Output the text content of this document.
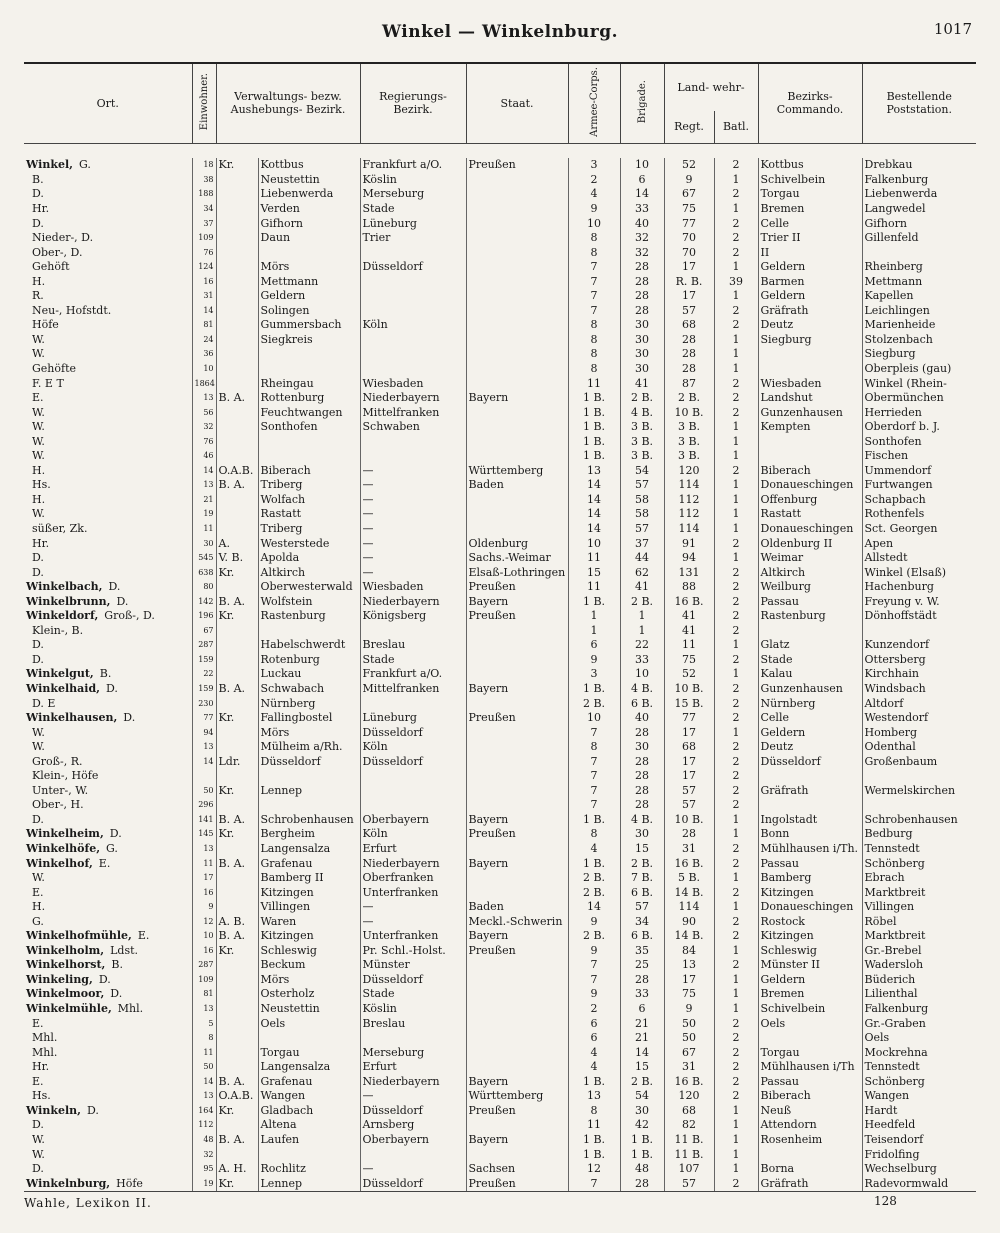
Winkel — Winkelnburg.	1017
Ort.	Einwohner.	Verwaltungs- bezw. Aushebungs- Bezirk.		Regierungs- Bezirk.	Staat.	Armee-Corps.	Brigade.	Land- wehr-		Bezirks- Commando.	Bestellende Poststation.
								Regt.	Batl.		

Winkel, G.	18	Kr.	Kottbus	Frankfurt a/O.	Preußen	3	10	52	2	Kottbus	Drebkau
B.	38		Neustettin	Köslin		2	6	9	1	Schivelbein	Falkenburg
D.	188		Liebenwerda	Merseburg		4	14	67	2	Torgau	Liebenwerda
Hr.	34		Verden	Stade		9	33	75	1	Bremen	Langwedel
D.	37		Gifhorn	Lüneburg		10	40	77	2	Celle	Gifhorn
Nieder-, D.	109		Daun	Trier		8	32	70	2	Trier II	Gillenfeld
Ober-, D.	76					8	32	70	2	II	
Gehöft	124		Mörs	Düsseldorf		7	28	17	1	Geldern	Rheinberg
H.	16		Mettmann			7	28	R. B.	39	Barmen	Mettmann
R.	31		Geldern			7	28	17	1	Geldern	Kapellen
Neu-, Hofstdt.	14		Solingen			7	28	57	2	Gräfrath	Leichlingen
Höfe	81		Gummersbach	Köln		8	30	68	2	Deutz	Marienheide
W.	24		Siegkreis			8	30	28	1	Siegburg	Stolzenbach
W.	36					8	30	28	1		Siegburg
Gehöfte	10					8	30	28	1		Oberpleis (gau)
F. E T	1864		Rheingau	Wiesbaden		11	41	87	2	Wiesbaden	Winkel (Rhein-
E.	13	B. A.	Rottenburg	Niederbayern	Bayern	1 B.	2 B.	2 B.	2	Landshut	Obermünchen
W.	56		Feuchtwangen	Mittelfranken		1 B.	4 B.	10 B.	2	Gunzenhausen	Herrieden
W.	32		Sonthofen	Schwaben		1 B.	3 B.	3 B.	1	Kempten	Oberdorf b. J.
W.	76					1 B.	3 B.	3 B.	1		Sonthofen
W.	46					1 B.	3 B.	3 B.	1		Fischen
H.	14	O.A.B.	Biberach	—	Württemberg	13	54	120	2	Biberach	Ummendorf
Hs.	13	B. A.	Triberg	—	Baden	14	57	114	1	Donaueschingen	Furtwangen
H.	21		Wolfach	—		14	58	112	1	Offenburg	Schapbach
W.	19		Rastatt	—		14	58	112	1	Rastatt	Rothenfels
süßer, Zk.	11		Triberg	—		14	57	114	1	Donaueschingen	Sct. Georgen
Hr.	30	A.	Westerstede	—	Oldenburg	10	37	91	2	Oldenburg II	Apen
D.	545	V. B.	Apolda	—	Sachs.-Weimar	11	44	94	1	Weimar	Allstedt
D.	638	Kr.	Altkirch	—	Elsaß-Lothringen	15	62	131	2	Altkirch	Winkel (Elsaß)
Winkelbach, D.	80		Oberwesterwald	Wiesbaden	Preußen	11	41	88	2	Weilburg	Hachenburg
Winkelbrunn, D.	142	B. A.	Wolfstein	Niederbayern	Bayern	1 B.	2 B.	16 B.	2	Passau	Freyung v. W.
Winkeldorf, Groß-, D.	196	Kr.	Rastenburg	Königsberg	Preußen	1	1	41	2	Rastenburg	Dönhoffstädt
Klein-, B.	67					1	1	41	2		
D.	287		Habelschwerdt	Breslau		6	22	11	1	Glatz	Kunzendorf
D.	159		Rotenburg	Stade		9	33	75	2	Stade	Ottersberg
Winkelgut, B.	22		Luckau	Frankfurt a/O.		3	10	52	1	Kalau	Kirchhain
Winkelhaid, D.	159	B. A.	Schwabach	Mittelfranken	Bayern	1 B.	4 B.	10 B.	2	Gunzenhausen	Windsbach
D. E	230		Nürnberg			2 B.	6 B.	15 B.	2	Nürnberg	Altdorf
Winkelhausen, D.	77	Kr.	Fallingbostel	Lüneburg	Preußen	10	40	77	2	Celle	Westendorf
W.	94		Mörs	Düsseldorf		7	28	17	1	Geldern	Homberg
W.	13		Mülheim a/Rh.	Köln		8	30	68	2	Deutz	Odenthal
Groß-, R.	14	Ldr.	Düsseldorf	Düsseldorf		7	28	17	2	Düsseldorf	Großenbaum
Klein-, Höfe						7	28	17	2		
Unter-, W.	50	Kr.	Lennep			7	28	57	2	Gräfrath	Wermelskirchen
Ober-, H.	296					7	28	57	2		
D.	141	B. A.	Schrobenhausen	Oberbayern	Bayern	1 B.	4 B.	10 B.	1	Ingolstadt	Schrobenhausen
Winkelheim, D.	145	Kr.	Bergheim	Köln	Preußen	8	30	28	1	Bonn	Bedburg
Winkelhöfe, G.	13		Langensalza	Erfurt		4	15	31	2	Mühlhausen i/Th.	Tennstedt
Winkelhof, E.	11	B. A.	Grafenau	Niederbayern	Bayern	1 B.	2 B.	16 B.	2	Passau	Schönberg
W.	17		Bamberg II	Oberfranken		2 B.	7 B.	5 B.	1	Bamberg	Ebrach
E.	16		Kitzingen	Unterfranken		2 B.	6 B.	14 B.	2	Kitzingen	Marktbreit
H.	9		Villingen	—	Baden	14	57	114	1	Donaueschingen	Villingen
G.	12	A. B.	Waren	—	Meckl.-Schwerin	9	34	90	2	Rostock	Röbel
Winkelhofmühle, E.	10	B. A.	Kitzingen	Unterfranken	Bayern	2 B.	6 B.	14 B.	2	Kitzingen	Marktbreit
Winkelholm, Ldst.	16	Kr.	Schleswig	Pr. Schl.-Holst.	Preußen	9	35	84	1	Schleswig	Gr.-Brebel
Winkelhorst, B.	287		Beckum	Münster		7	25	13	2	Münster II	Wadersloh
Winkeling, D.	109		Mörs	Düsseldorf		7	28	17	1	Geldern	Büderich
Winkelmoor, D.	81		Osterholz	Stade		9	33	75	1	Bremen	Lilienthal
Winkelmühle, Mhl.	13		Neustettin	Köslin		2	6	9	1	Schivelbein	Falkenburg
E.	5		Oels	Breslau		6	21	50	2	Oels	Gr.-Graben
Mhl.	8					6	21	50	2		Oels
Mhl.	11		Torgau	Merseburg		4	14	67	2	Torgau	Mockrehna
Hr.	50		Langensalza	Erfurt		4	15	31	2	Mühlhausen i/Th	Tennstedt
E.	14	B. A.	Grafenau	Niederbayern	Bayern	1 B.	2 B.	16 B.	2	Passau	Schönberg
Hs.	13	O.A.B.	Wangen	—	Württemberg	13	54	120	2	Biberach	Wangen
Winkeln, D.	164	Kr.	Gladbach	Düsseldorf	Preußen	8	30	68	1	Neuß	Hardt
D.	112		Altena	Arnsberg		11	42	82	1	Attendorn	Heedfeld
W.	48	B. A.	Laufen	Oberbayern	Bayern	1 B.	1 B.	11 B.	1	Rosenheim	Teisendorf
W.	32					1 B.	1 B.	11 B.	1		Fridolfing
D.	95	A. H.	Rochlitz	—	Sachsen	12	48	107	1	Borna	Wechselburg
Winkelnburg, Höfe	19	Kr.	Lennep	Düsseldorf	Preußen	7	28	57	2	Gräfrath	Radevormwald
Wahle, Lexikon II.	128
